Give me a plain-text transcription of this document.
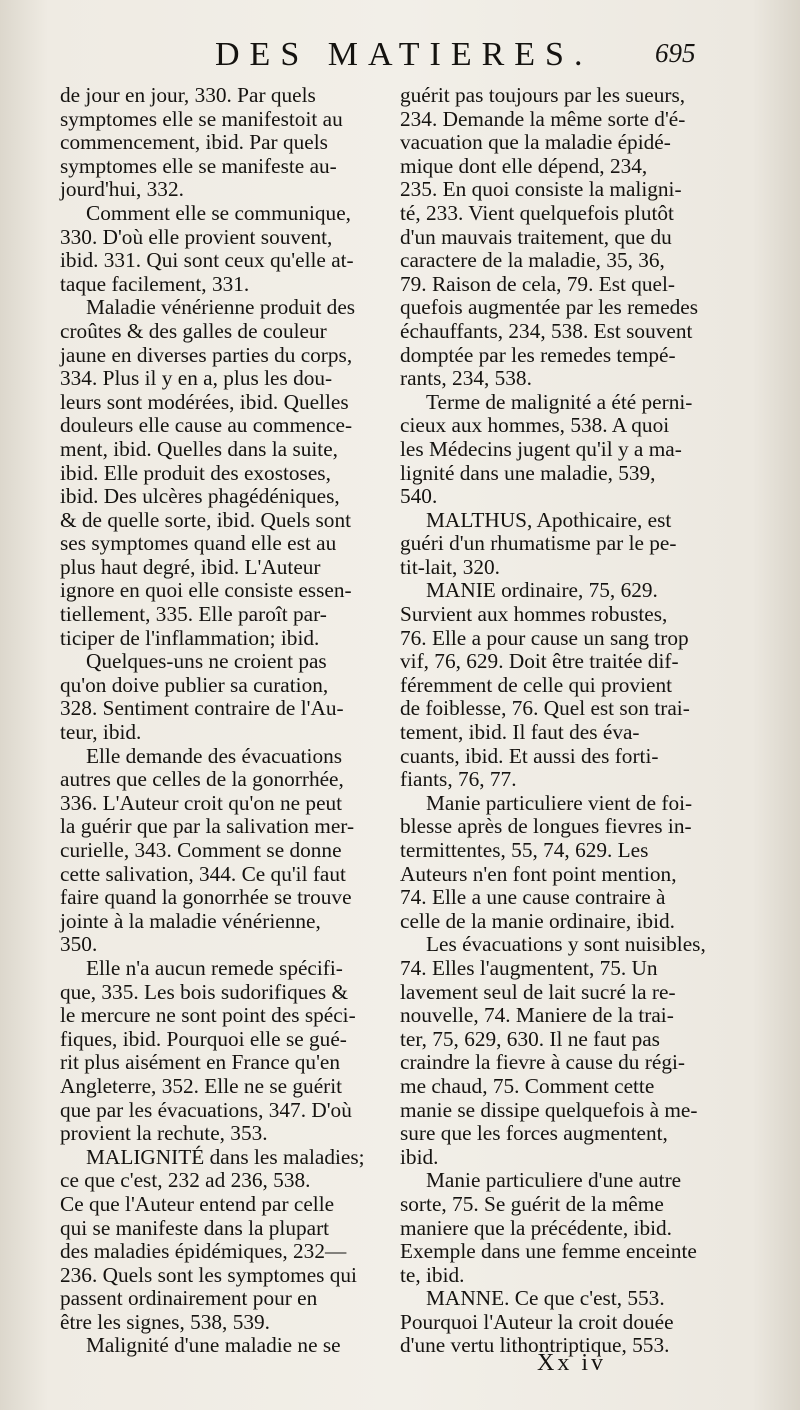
DES MATIERES. 695
de jour en jour, 330. Par quels
symptomes elle se manifestoit au
commencement, ibid. Par quels
symptomes elle se manifeste au-
jourd'hui, 332.
Comment elle se communique,
330. D'où elle provient souvent,
ibid. 331. Qui sont ceux qu'elle at-
taque facilement, 331.
Maladie vénérienne produit des
croûtes & des galles de couleur
jaune en diverses parties du corps,
334. Plus il y en a, plus les dou-
leurs sont modérées, ibid. Quelles
douleurs elle cause au commence-
ment, ibid. Quelles dans la suite,
ibid. Elle produit des exostoses,
ibid. Des ulcères phagédéniques,
& de quelle sorte, ibid. Quels sont
ses symptomes quand elle est au
plus haut degré, ibid. L'Auteur
ignore en quoi elle consiste essen-
tiellement, 335. Elle paroît par-
ticiper de l'inflammation; ibid.
Quelques-uns ne croient pas
qu'on doive publier sa curation,
328. Sentiment contraire de l'Au-
teur, ibid.
Elle demande des évacuations
autres que celles de la gonorrhée,
336. L'Auteur croit qu'on ne peut
la guérir que par la salivation mer-
curielle, 343. Comment se donne
cette salivation, 344. Ce qu'il faut
faire quand la gonorrhée se trouve
jointe à la maladie vénérienne,
350.
Elle n'a aucun remede spécifi-
que, 335. Les bois sudorifiques &
le mercure ne sont point des spéci-
fiques, ibid. Pourquoi elle se gué-
rit plus aisément en France qu'en
Angleterre, 352. Elle ne se guérit
que par les évacuations, 347. D'où
provient la rechute, 353.
MALIGNITÉ dans les maladies;
ce que c'est, 232 ad 236, 538.
Ce que l'Auteur entend par celle
qui se manifeste dans la plupart
des maladies épidémiques, 232—
236. Quels sont les symptomes qui
passent ordinairement pour en
être les signes, 538, 539.
Malignité d'une maladie ne se
guérit pas toujours par les sueurs,
234. Demande la même sorte d'é-
vacuation que la maladie épidé-
mique dont elle dépend, 234,
235. En quoi consiste la maligni-
té, 233. Vient quelquefois plutôt
d'un mauvais traitement, que du
caractere de la maladie, 35, 36,
79. Raison de cela, 79. Est quel-
quefois augmentée par les remedes
échauffants, 234, 538. Est souvent
domptée par les remedes tempé-
rants, 234, 538.
Terme de malignité a été perni-
cieux aux hommes, 538. A quoi
les Médecins jugent qu'il y a ma-
lignité dans une maladie, 539,
540.
MALTHUS, Apothicaire, est
guéri d'un rhumatisme par le pe-
tit-lait, 320.
MANIE ordinaire, 75, 629.
Survient aux hommes robustes,
76. Elle a pour cause un sang trop
vif, 76, 629. Doit être traitée dif-
féremment de celle qui provient
de foiblesse, 76. Quel est son trai-
tement, ibid. Il faut des éva-
cuants, ibid. Et aussi des forti-
fiants, 76, 77.
Manie particuliere vient de foi-
blesse après de longues fievres in-
termittentes, 55, 74, 629. Les
Auteurs n'en font point mention,
74. Elle a une cause contraire à
celle de la manie ordinaire, ibid.
Les évacuations y sont nuisibles,
74. Elles l'augmentent, 75. Un
lavement seul de lait sucré la re-
nouvelle, 74. Maniere de la trai-
ter, 75, 629, 630. Il ne faut pas
craindre la fievre à cause du régi-
me chaud, 75. Comment cette
manie se dissipe quelquefois à me-
sure que les forces augmentent,
ibid.
Manie particuliere d'une autre
sorte, 75. Se guérit de la même
maniere que la précédente, ibid.
Exemple dans une femme enceinte
te, ibid.
MANNE. Ce que c'est, 553.
Pourquoi l'Auteur la croit douée
d'une vertu lithontriptique, 553.
Xx iv
